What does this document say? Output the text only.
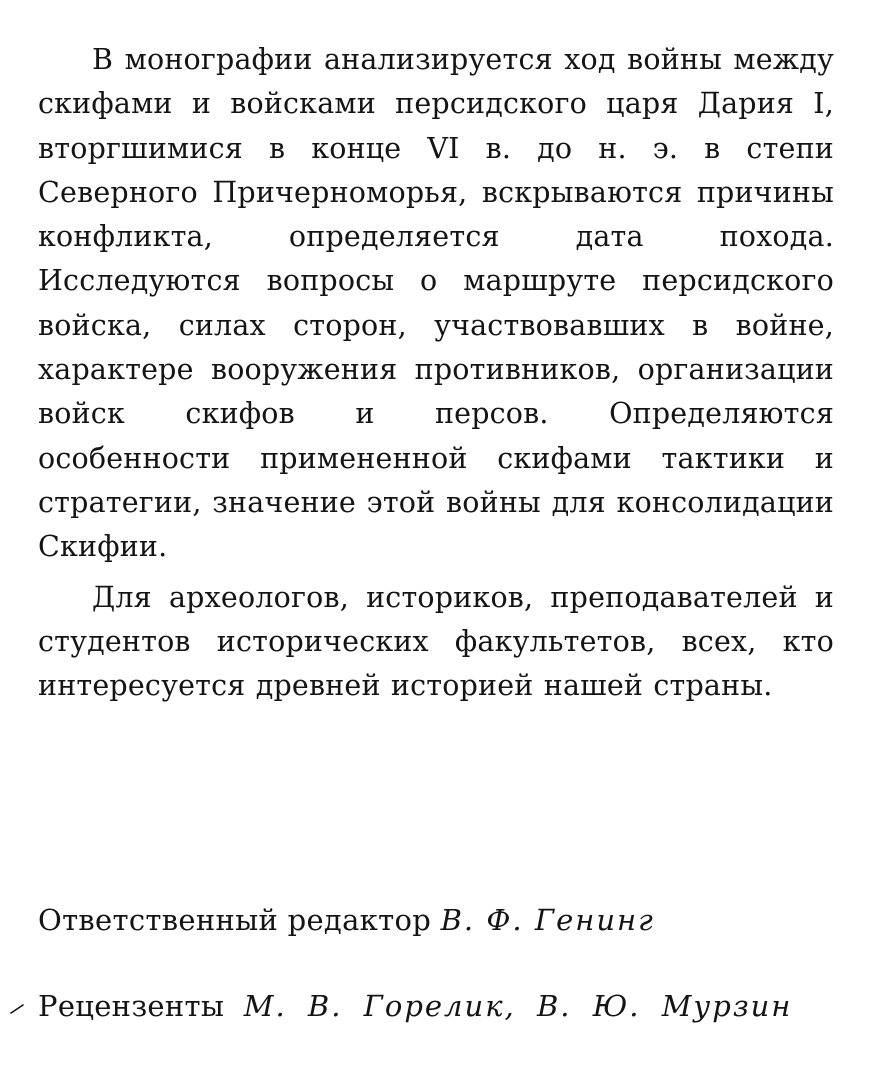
В монографии анализируется ход войны между скифами и войсками персидского царя Дария I, вторгшимися в конце VI в. до н. э. в степи Северного Причерноморья, вскрываются причины конфликта, определяется дата похода. Исследуются вопросы о маршруте персидского войска, силах сторон, участвовавших в войне, характере вооружения противников, организации войск скифов и персов. Определяются особенности примененной скифами тактики и стратегии, значение этой войны для консолидации Скифии.

Для археологов, историков, преподавателей и студентов исторических факультетов, всех, кто интересуется древней историей нашей страны.

Ответственный редактор В. Ф. Генинг
Рецензенты М. В. Горелик, В. Ю. Мурзин
